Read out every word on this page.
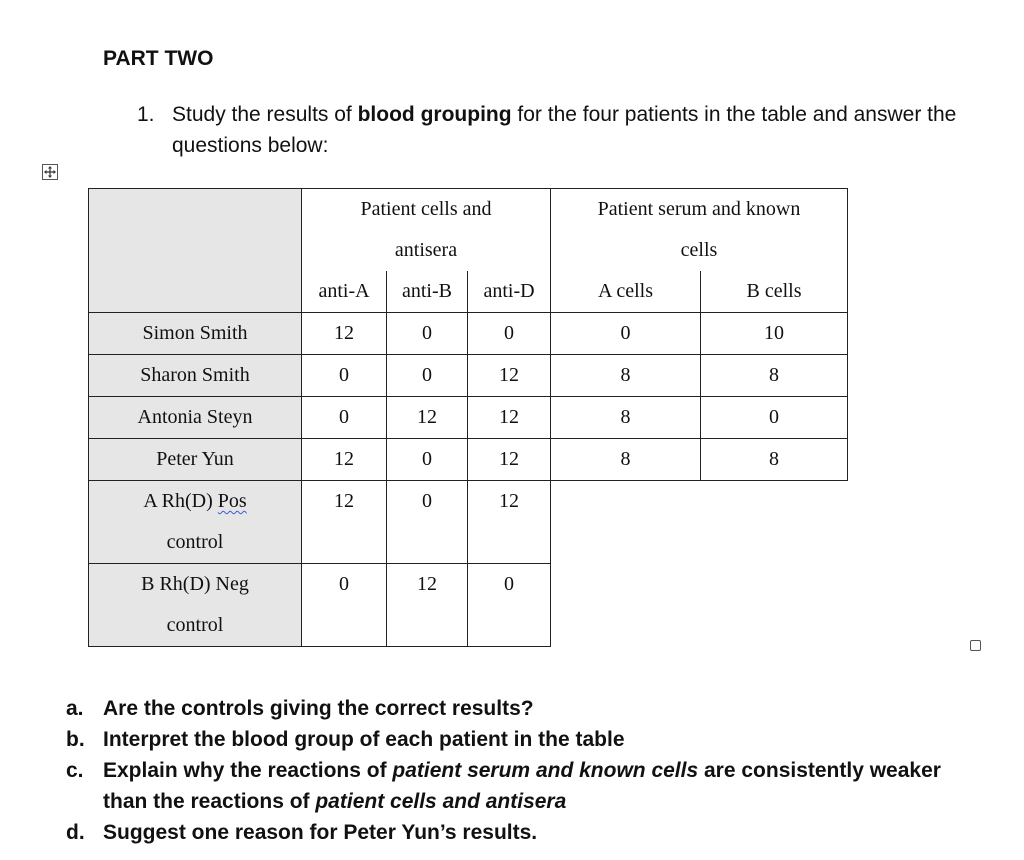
PART TWO
1. Study the results of blood grouping for the four patients in the table and answer the questions below:
	Patient cells and			Patient serum and known	
	antisera			cells	
	anti-A	anti-B	anti-D	A cells	B cells
Simon Smith	12	0	0	0	10
Sharon Smith	0	0	12	8	8
Antonia Steyn	0	12	12	8	0
Peter Yun	12	0	12	8	8
A Rh(D) Pos
control	12	0	12		
B Rh(D) Neg
control	0	12	0		
a. Are the controls giving the correct results?
b. Interpret the blood group of each patient in the table
c. Explain why the reactions of patient serum and known cells are consistently weaker than the reactions of patient cells and antisera
d. Suggest one reason for Peter Yun’s results.
